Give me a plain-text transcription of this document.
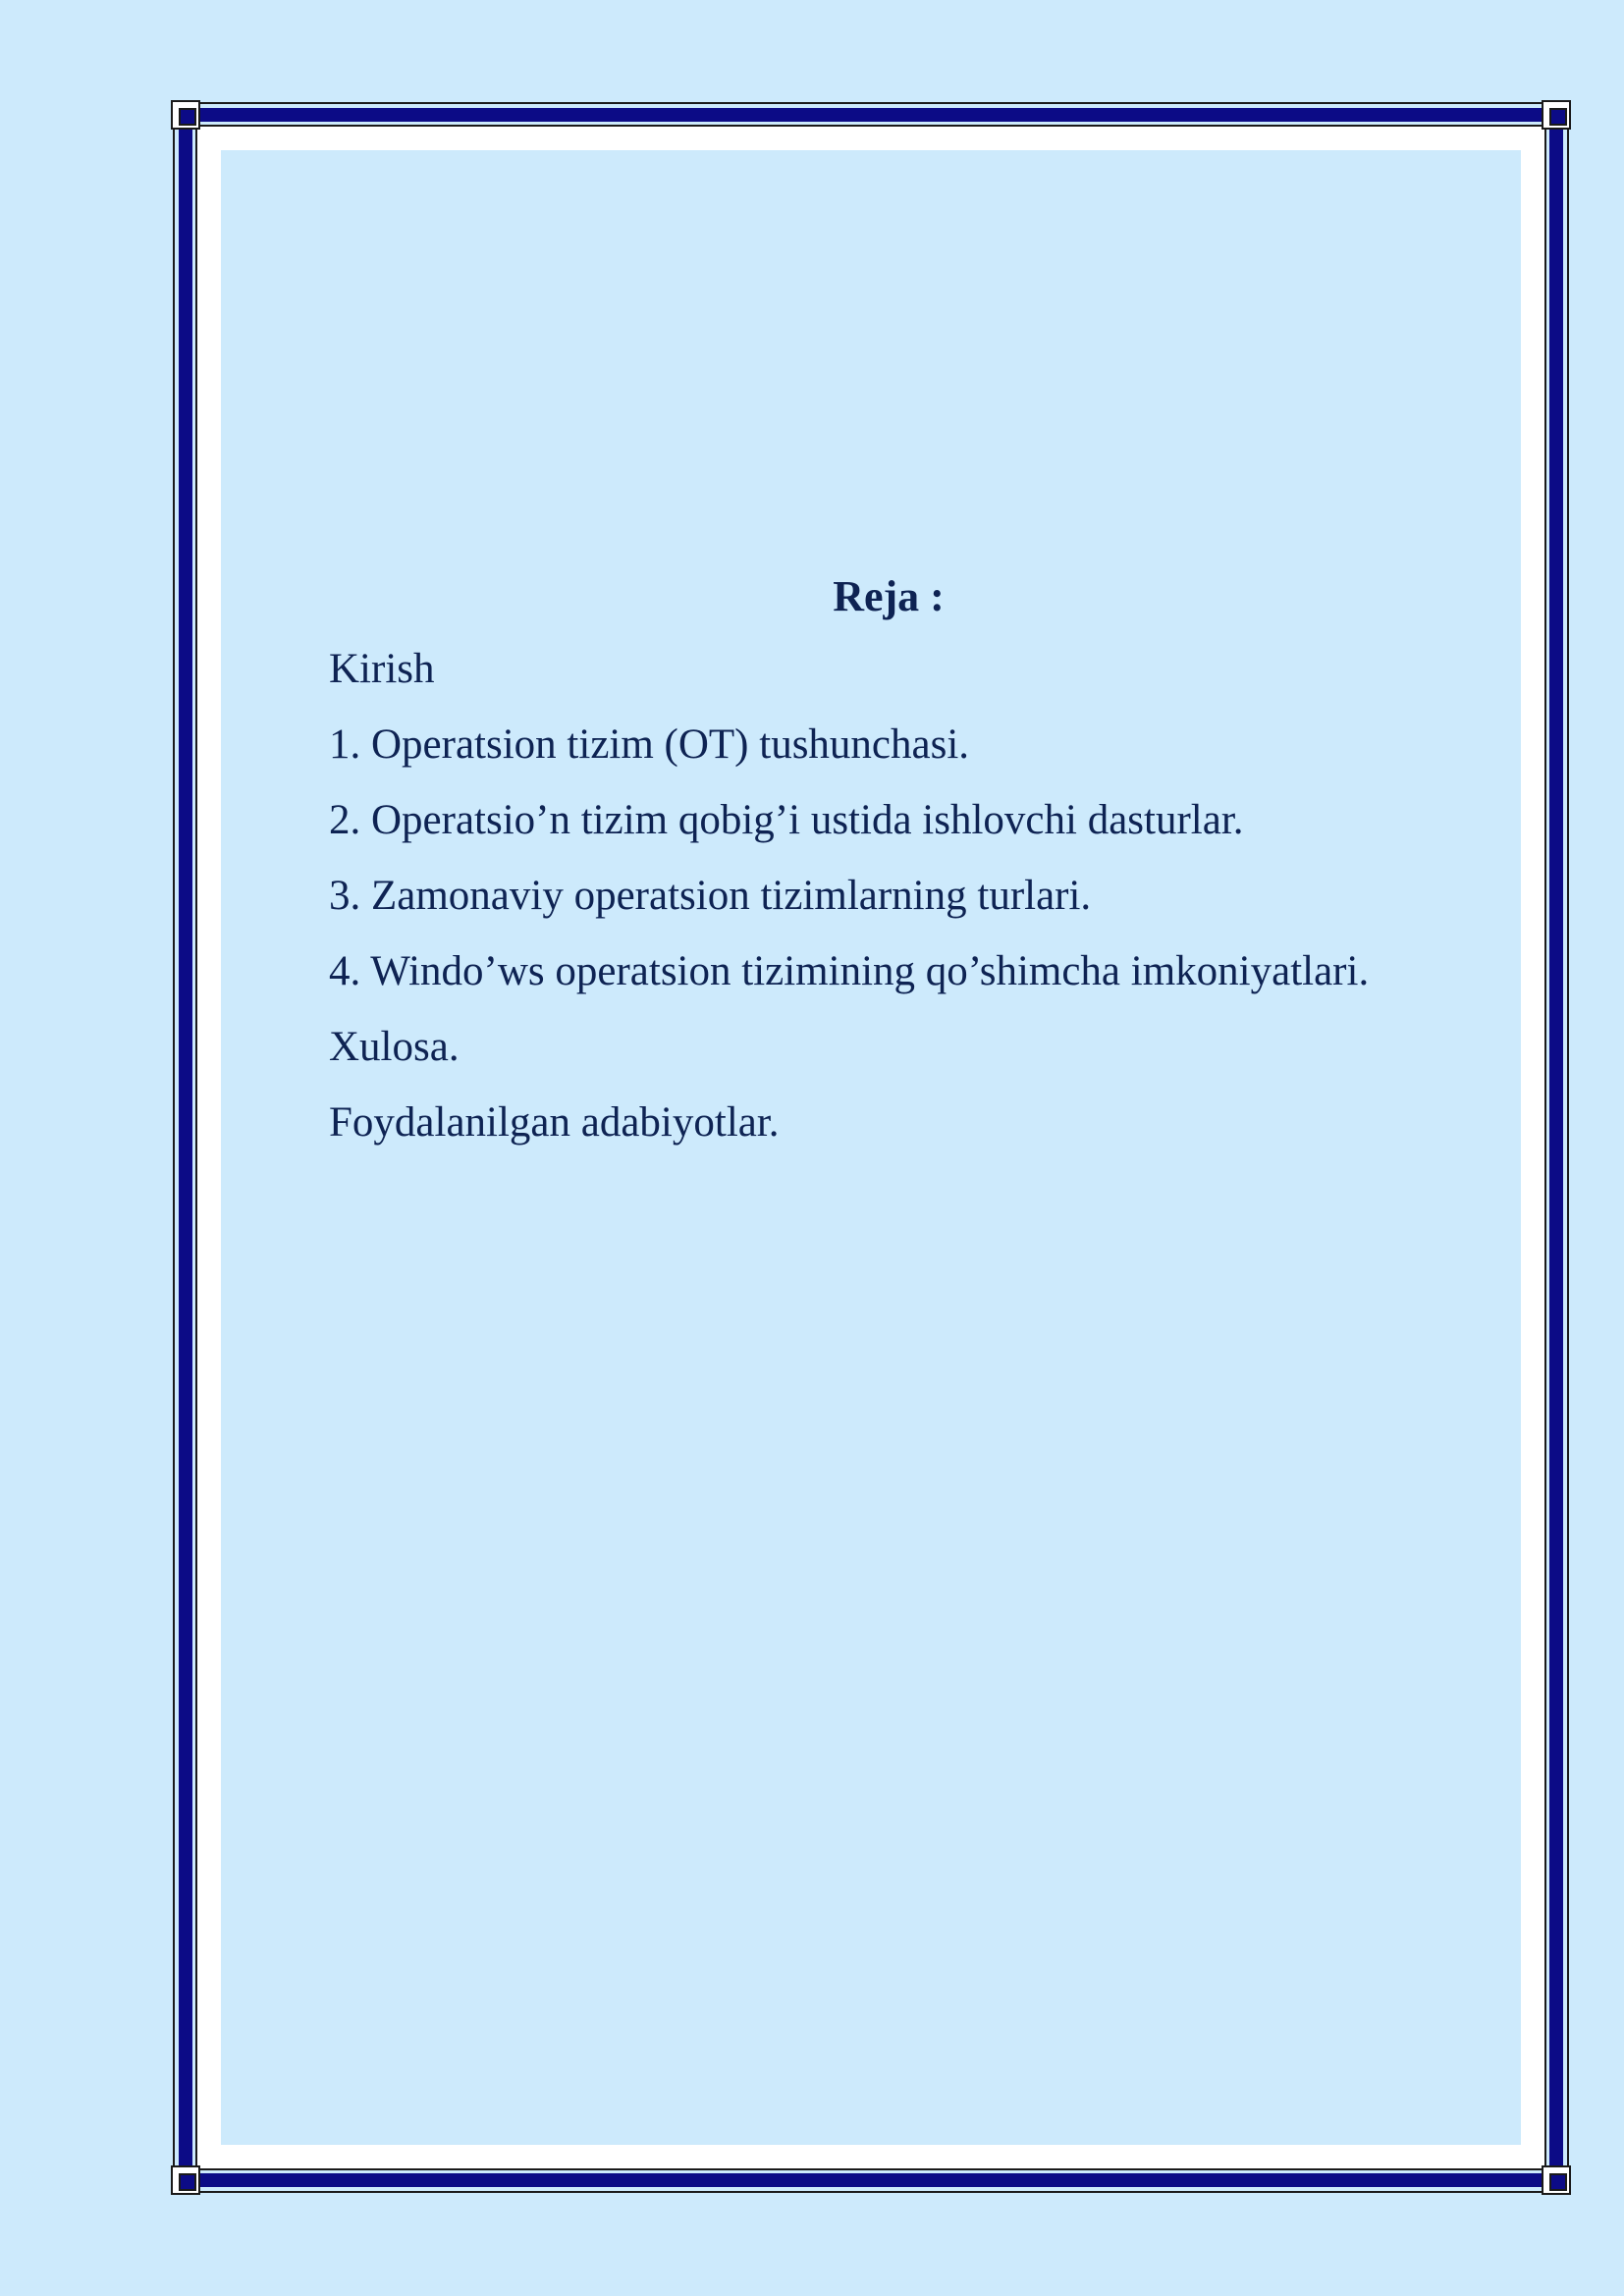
Reja :
Kirish
1. Operatsion tizim (OT) tushunchasi.
2. Operatsio’n tizim qobig’i ustida ishlovchi dasturlar.
3. Zamonaviy operatsion tizimlarning turlari.
4. Windo’ws operatsion tizimining qo’shimcha imkoniyatlari.
Xulosa.
Foydalanilgan adabiyotlar.
